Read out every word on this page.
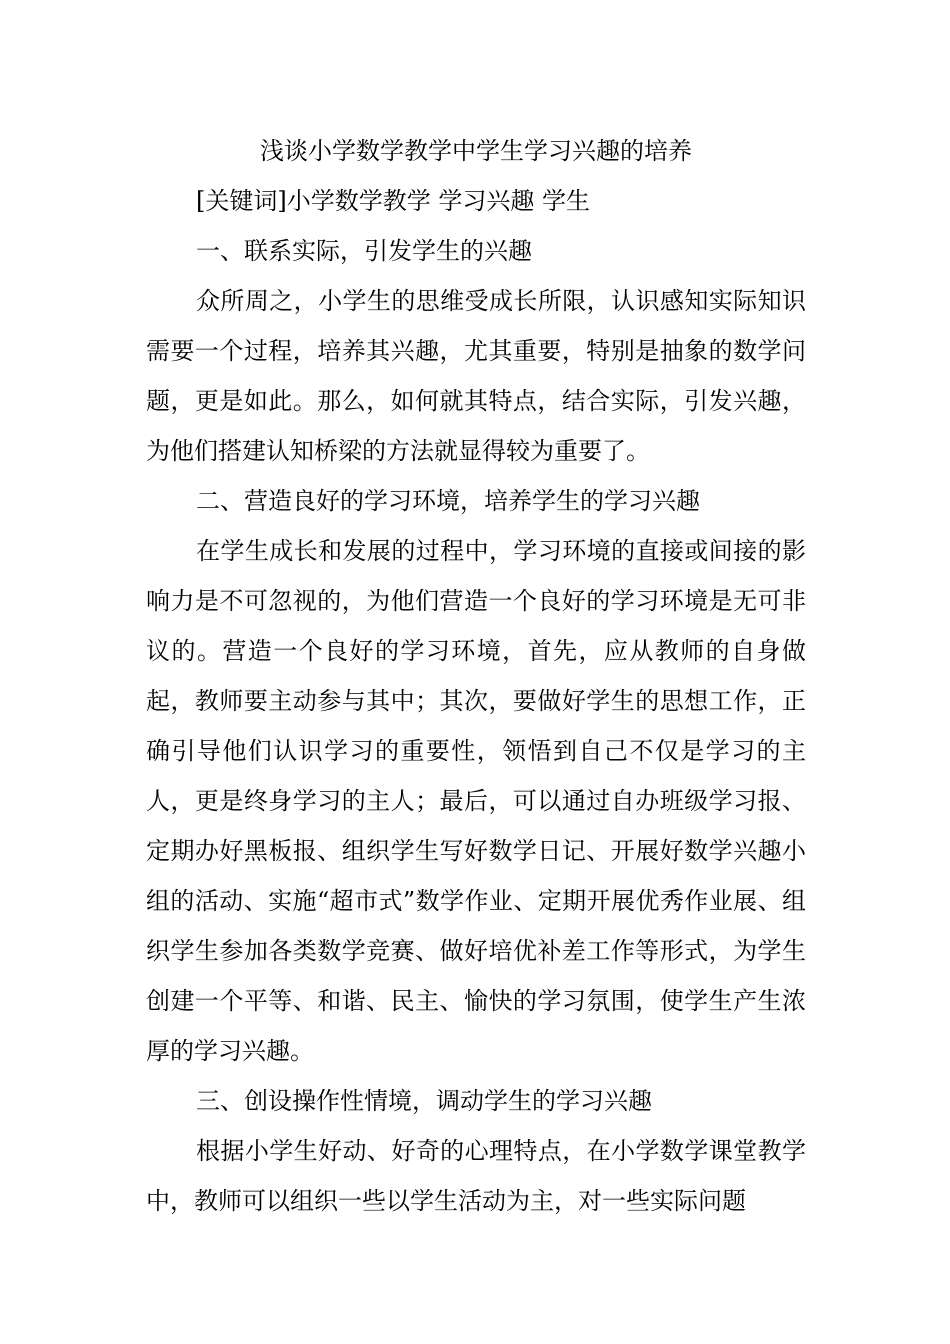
浅谈小学数学教学中学生学习兴趣的培养

[关键词]小学数学教学 学习兴趣 学生

一、联系实际，引发学生的兴趣

众所周之，小学生的思维受成长所限，认识感知实际知识需要一个过程，培养其兴趣，尤其重要，特别是抽象的数学问题，更是如此。那么，如何就其特点，结合实际，引发兴趣，为他们搭建认知桥梁的方法就显得较为重要了。

二、营造良好的学习环境，培养学生的学习兴趣

在学生成长和发展的过程中，学习环境的直接或间接的影响力是不可忽视的，为他们营造一个良好的学习环境是无可非议的。营造一个良好的学习环境，首先，应从教师的自身做起，教师要主动参与其中；其次，要做好学生的思想工作，正确引导他们认识学习的重要性，领悟到自己不仅是学习的主人，更是终身学习的主人；最后，可以通过自办班级学习报、定期办好黑板报、组织学生写好数学日记、开展好数学兴趣小组的活动、实施“超市式”数学作业、定期开展优秀作业展、组织学生参加各类数学竞赛、做好培优补差工作等形式，为学生创建一个平等、和谐、民主、愉快的学习氛围，使学生产生浓厚的学习兴趣。

三、创设操作性情境，调动学生的学习兴趣

根据小学生好动、好奇的心理特点，在小学数学课堂教学中，教师可以组织一些以学生活动为主，对一些实际问题
